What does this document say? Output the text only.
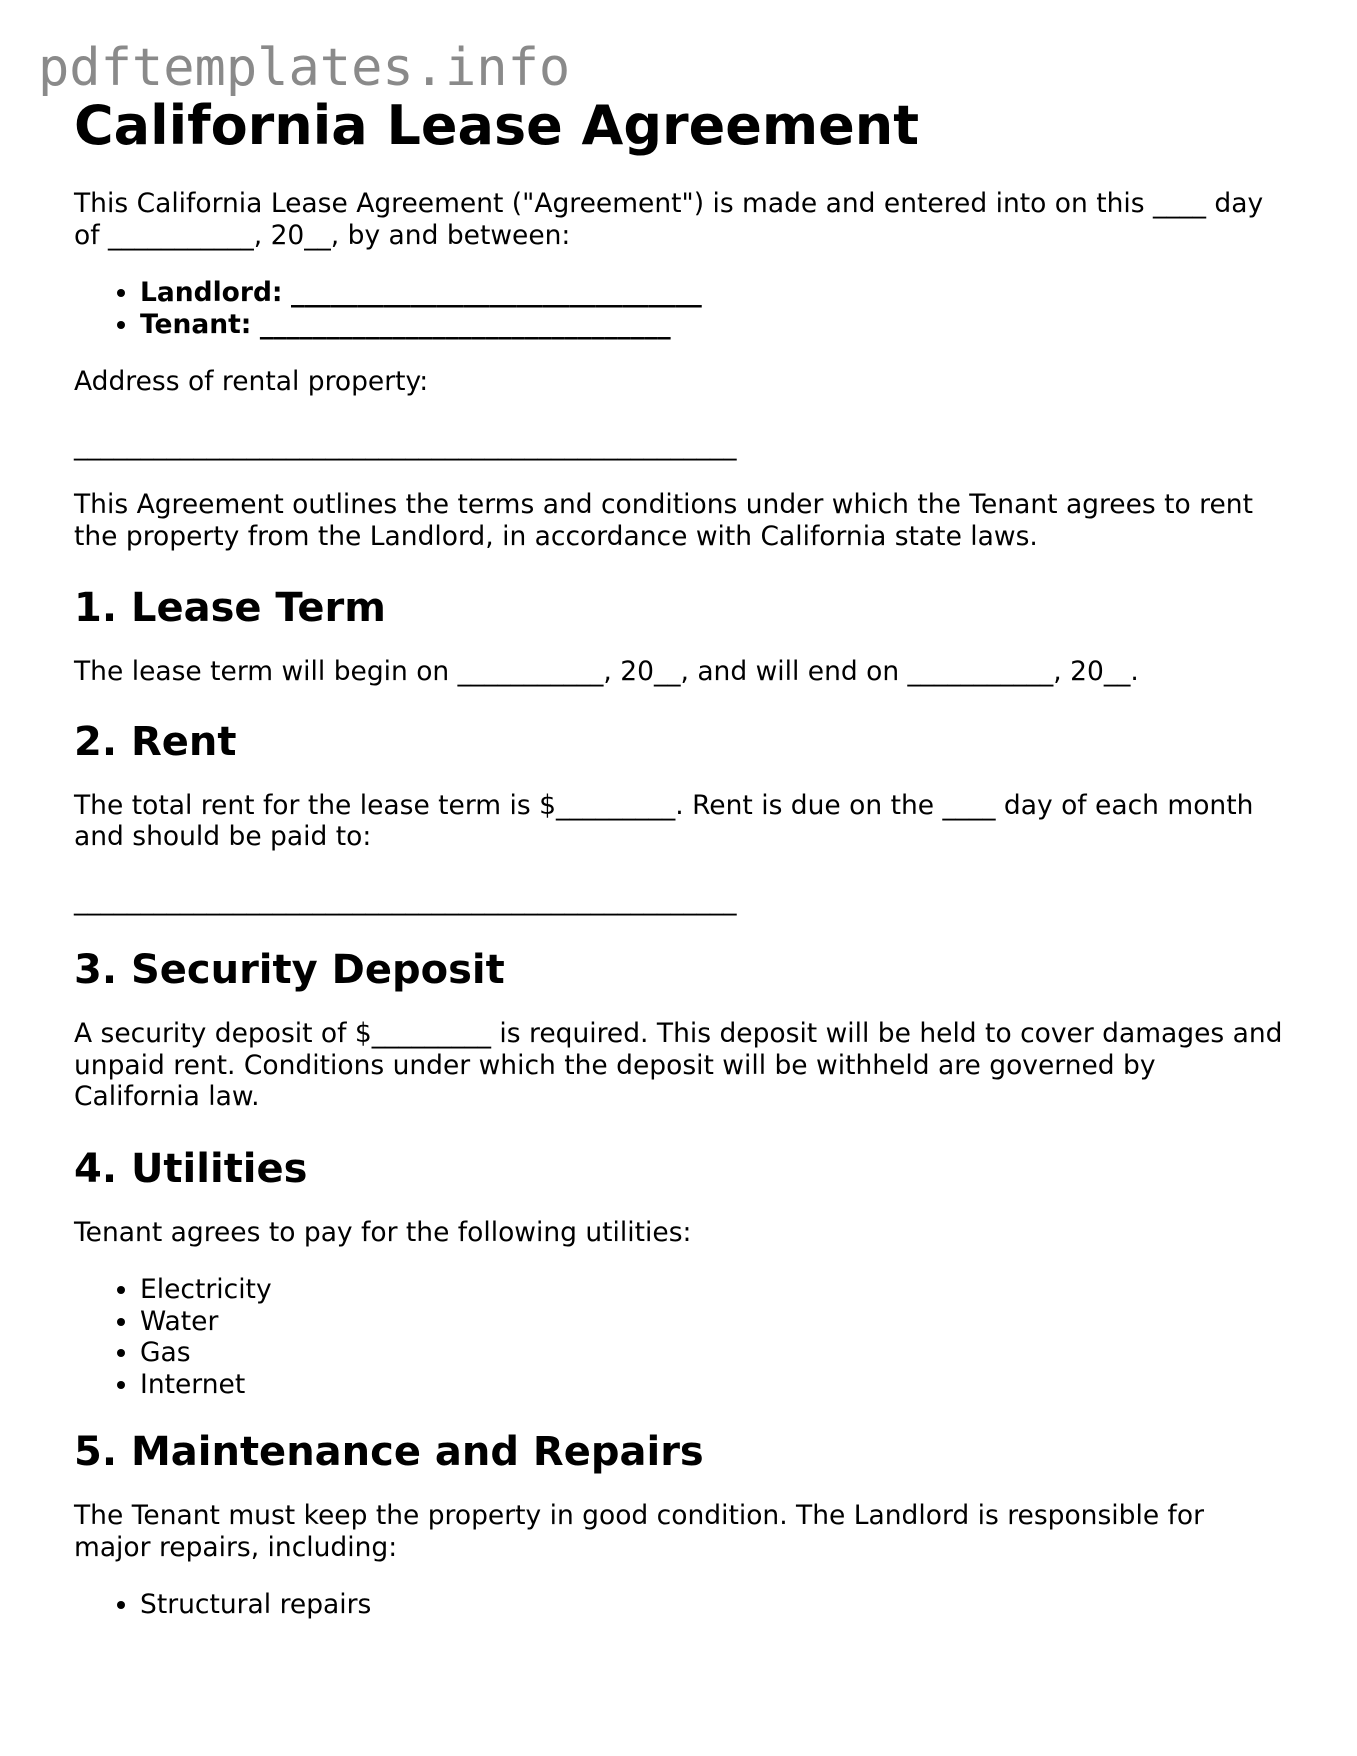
pdftemplates.info
California Lease Agreement

This California Lease Agreement ("Agreement") is made and entered into on this ____ day of ___________, 20__, by and between:

• Landlord: _______________________________
• Tenant: _______________________________

Address of rental property:

__________________________________________________

This Agreement outlines the terms and conditions under which the Tenant agrees to rent the property from the Landlord, in accordance with California state laws.

1. Lease Term

The lease term will begin on ___________, 20__, and will end on ___________, 20__.

2. Rent

The total rent for the lease term is $_________. Rent is due on the ____ day of each month and should be paid to:

__________________________________________________
3. Security Deposit

A security deposit of $_________ is required. This deposit will be held to cover damages and unpaid rent. Conditions under which the deposit will be withheld are governed by California law.

4. Utilities

Tenant agrees to pay for the following utilities:

• Electricity
• Water
• Gas
• Internet
5. Maintenance and Repairs

The Tenant must keep the property in good condition. The Landlord is responsible for major repairs, including:

• Structural repairs
